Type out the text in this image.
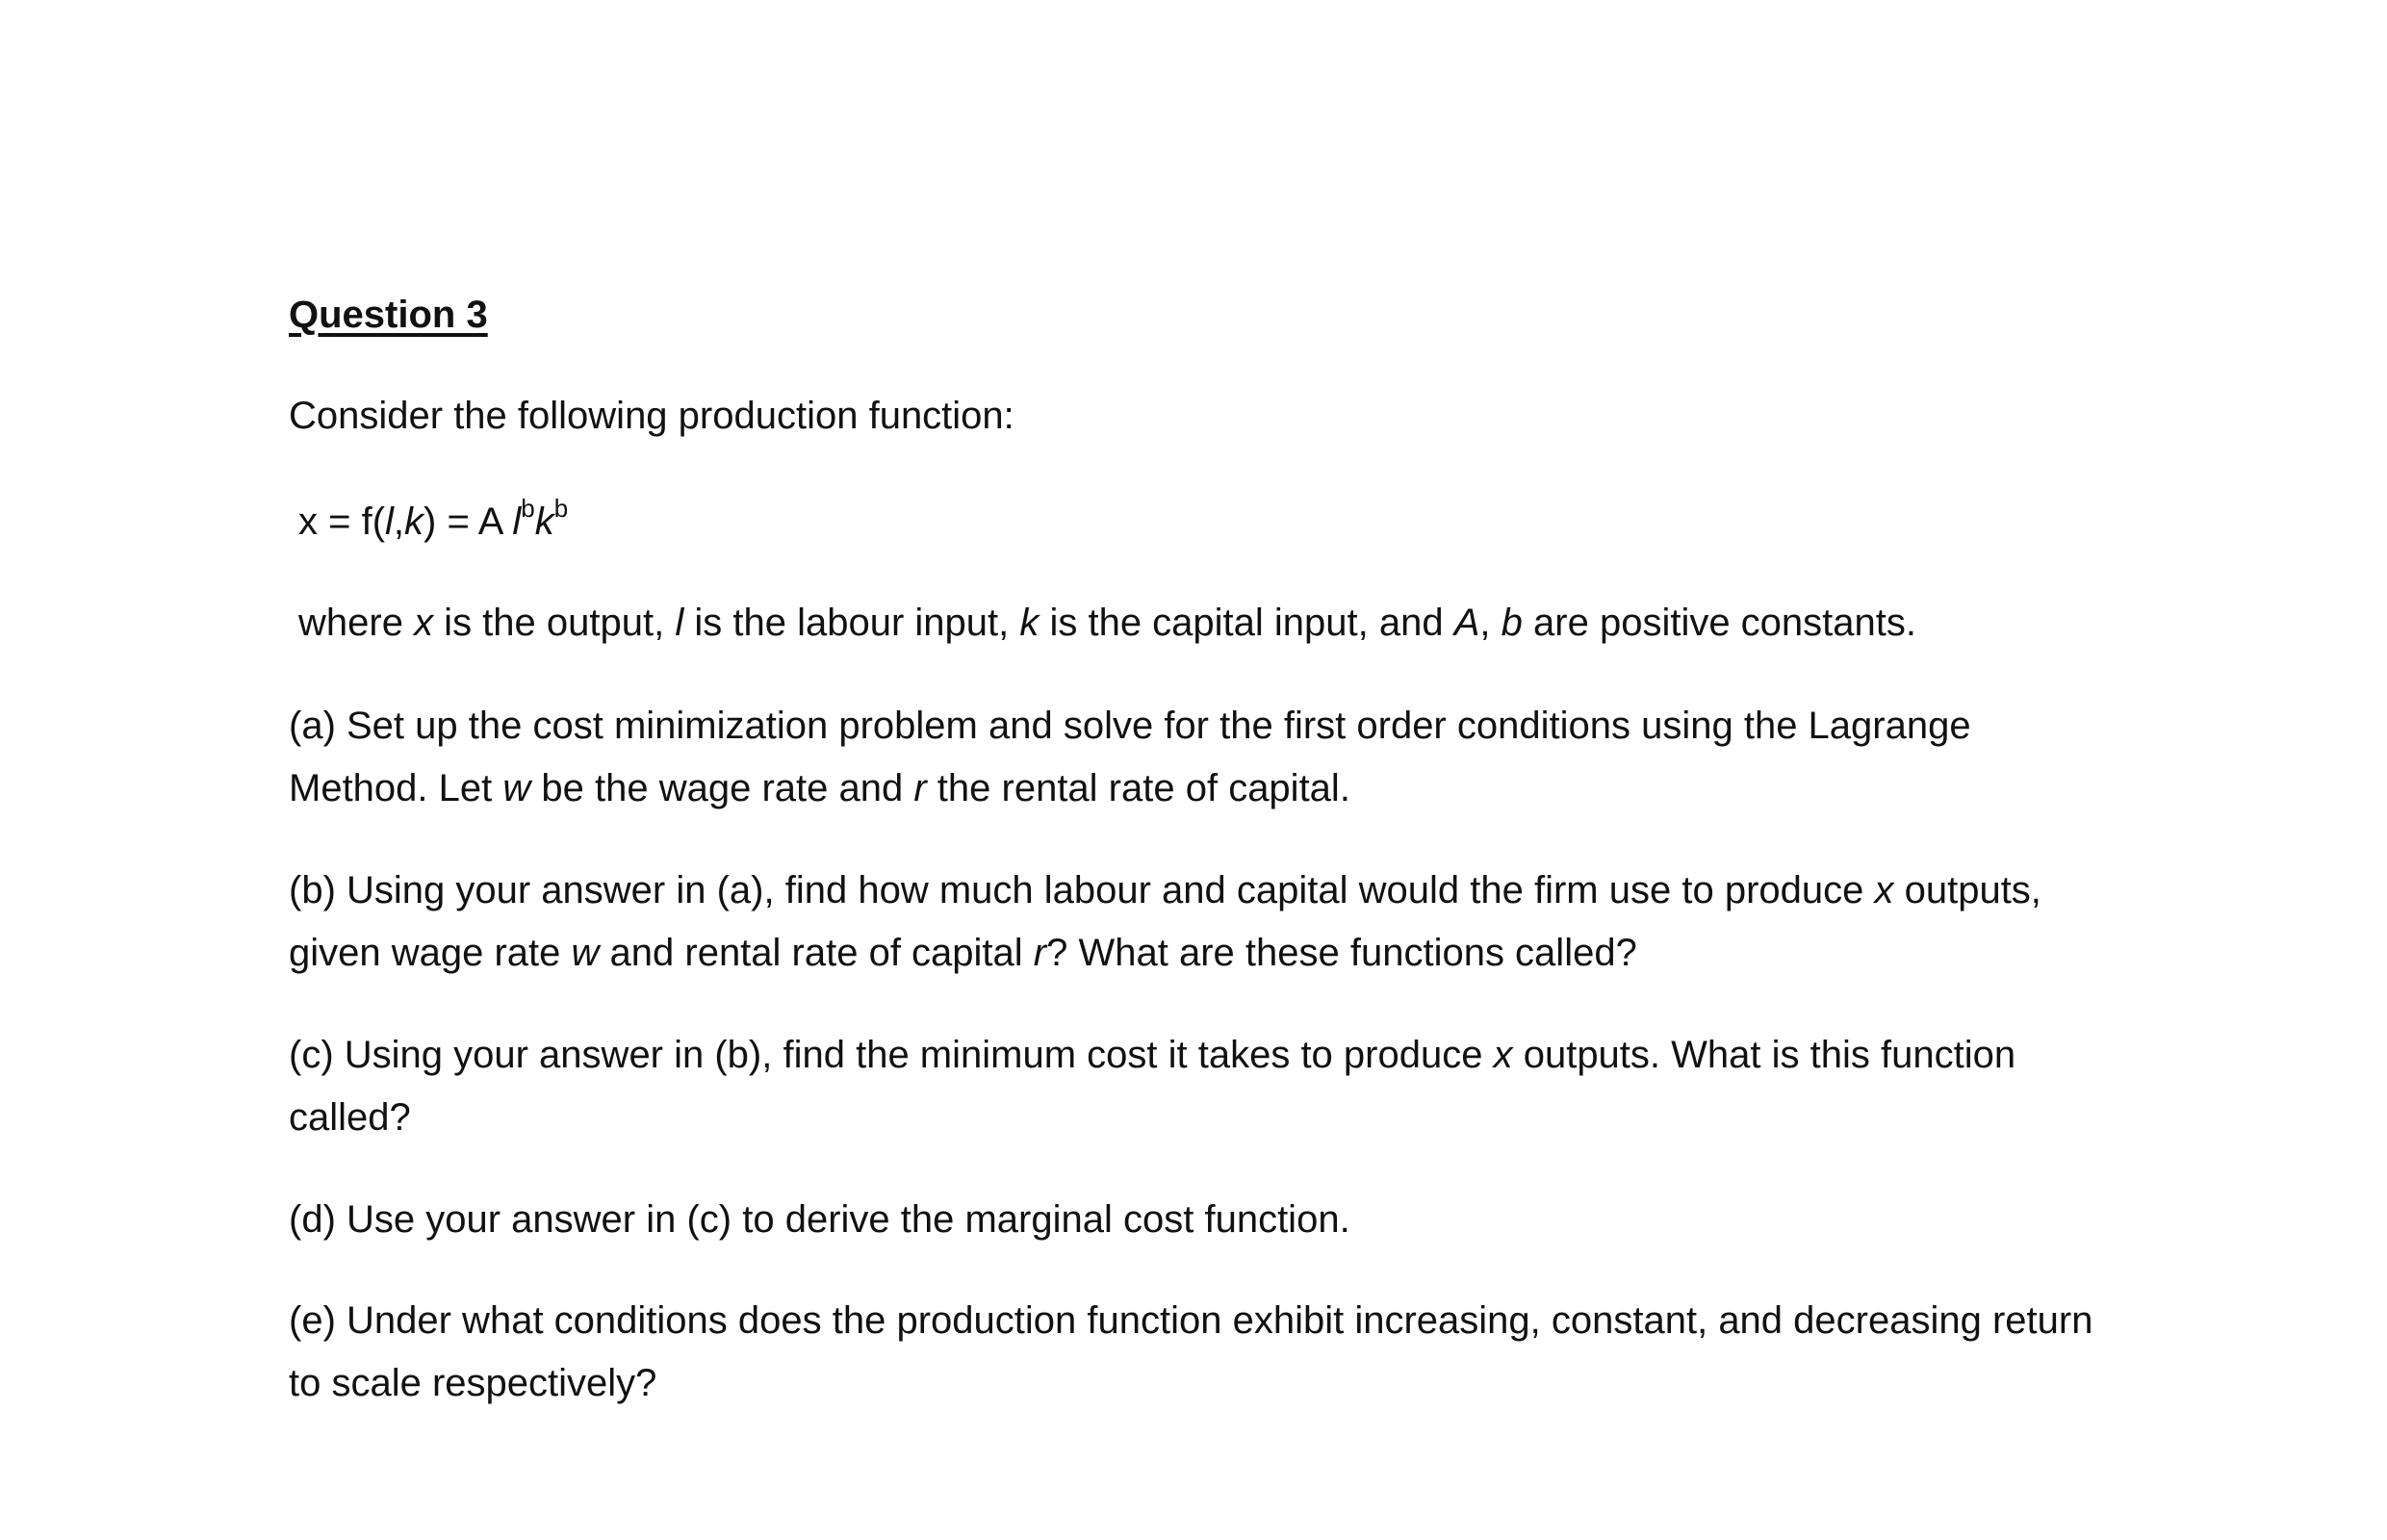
Question 3
Consider the following production function:
x = f(l,k) = A $l^bk^b$
where x is the output, l is the labour input, k is the capital input, and A, b are positive constants.
(a) Set up the cost minimization problem and solve for the first order conditions using the Lagrange Method. Let w be the wage rate and r the rental rate of capital.
(b) Using your answer in (a), find how much labour and capital would the firm use to produce x outputs, given wage rate w and rental rate of capital r? What are these functions called?
(c) Using your answer in (b), find the minimum cost it takes to produce x outputs. What is this function called?
(d) Use your answer in (c) to derive the marginal cost function.
(e) Under what conditions does the production function exhibit increasing, constant, and decreasing return to scale respectively?
